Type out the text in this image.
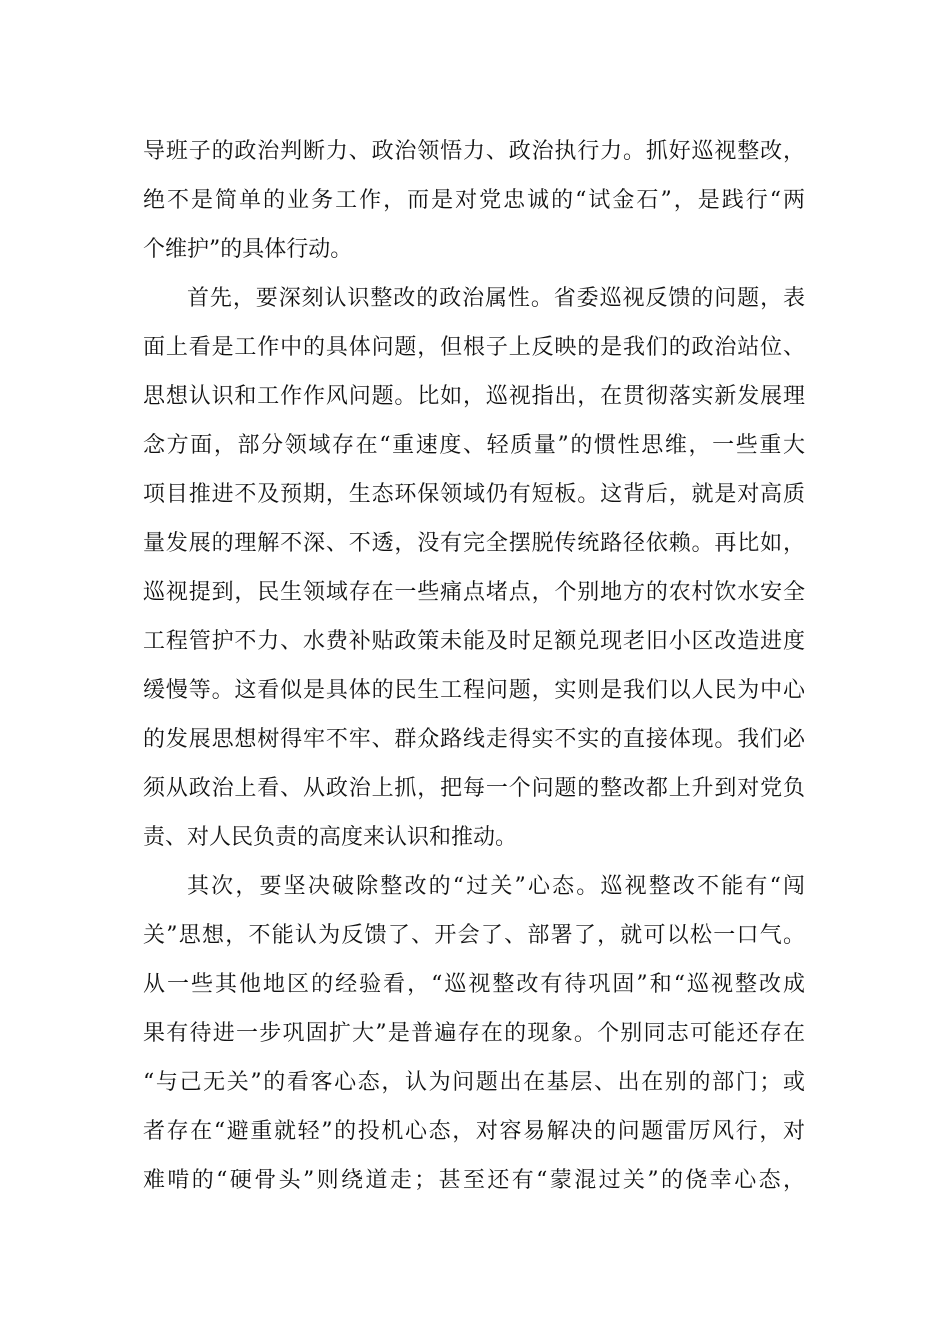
导班子的政治判断力、政治领悟力、政治执行力。抓好巡视整改，
绝不是简单的业务工作，而是对党忠诚的“试金石”，是践行“两
个维护”的具体行动。
首先，要深刻认识整改的政治属性。省委巡视反馈的问题，表
面上看是工作中的具体问题，但根子上反映的是我们的政治站位、
思想认识和工作作风问题。比如，巡视指出，在贯彻落实新发展理
念方面，部分领域存在“重速度、轻质量”的惯性思维，一些重大
项目推进不及预期，生态环保领域仍有短板。这背后，就是对高质
量发展的理解不深、不透，没有完全摆脱传统路径依赖。再比如，
巡视提到，民生领域存在一些痛点堵点，个别地方的农村饮水安全
工程管护不力、水费补贴政策未能及时足额兑现老旧小区改造进度
缓慢等。这看似是具体的民生工程问题，实则是我们以人民为中心
的发展思想树得牢不牢、群众路线走得实不实的直接体现。我们必
须从政治上看、从政治上抓，把每一个问题的整改都上升到对党负
责、对人民负责的高度来认识和推动。
其次，要坚决破除整改的“过关”心态。巡视整改不能有“闯
关”思想，不能认为反馈了、开会了、部署了，就可以松一口气。
从一些其他地区的经验看，“巡视整改有待巩固”和“巡视整改成
果有待进一步巩固扩大”是普遍存在的现象。个别同志可能还存在
“与己无关”的看客心态，认为问题出在基层、出在别的部门；或
者存在“避重就轻”的投机心态，对容易解决的问题雷厉风行，对
难啃的“硬骨头”则绕道走；甚至还有“蒙混过关”的侥幸心态，
